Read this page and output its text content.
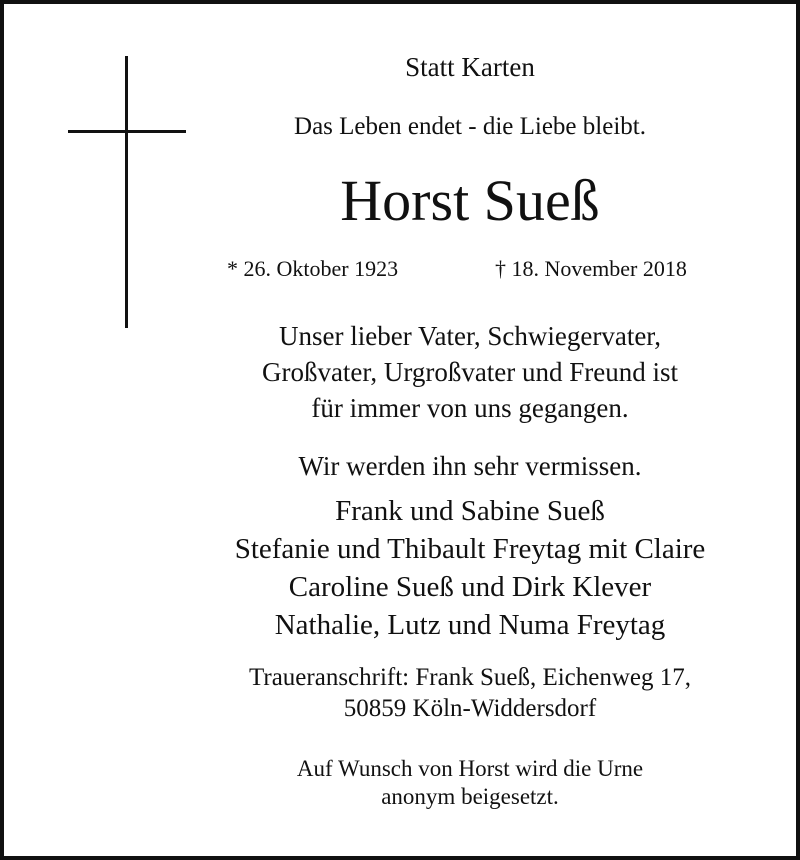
Statt Karten
Das Leben endet - die Liebe bleibt.
Horst Sueß
* 26. Oktober 1923	† 18. November 2018
Unser lieber Vater, Schwiegervater,
Großvater, Urgroßvater und Freund ist
für immer von uns gegangen.
Wir werden ihn sehr vermissen.
Frank und Sabine Sueß
Stefanie und Thibault Freytag mit Claire
Caroline Sueß und Dirk Klever
Nathalie, Lutz und Numa Freytag
Traueranschrift: Frank Sueß, Eichenweg 17,
50859 Köln-Widdersdorf
Auf Wunsch von Horst wird die Urne
anonym beigesetzt.
